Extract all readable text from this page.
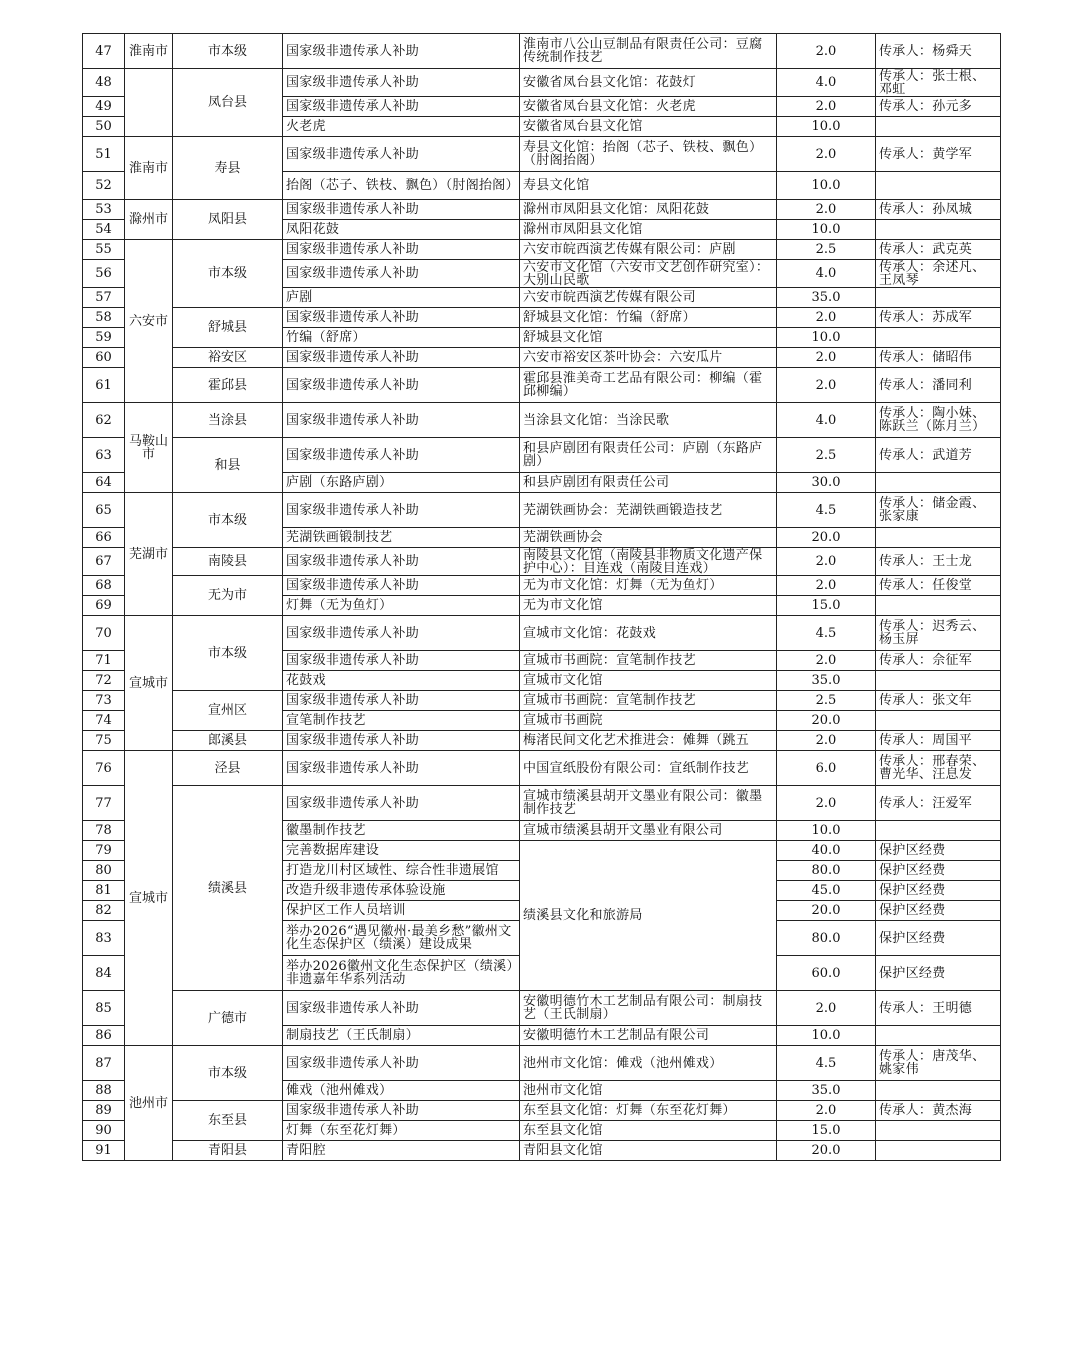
47	淮南市	市本级	国家级非遗传承人补助	淮南市八公山豆制品有限责任公司：豆腐传统制作技艺	2.0	传承人：杨舜天
48		凤台县	国家级非遗传承人补助	安徽省凤台县文化馆：花鼓灯	4.0	传承人：张士根、邓虹
49			国家级非遗传承人补助	安徽省凤台县文化馆：火老虎	2.0	传承人：孙元多
50			火老虎	安徽省凤台县文化馆	10.0	
51	淮南市	寿县	国家级非遗传承人补助	寿县文化馆：抬阁（芯子、铁枝、飘色）（肘阁抬阁）	2.0	传承人：黄学军
52			抬阁（芯子、铁枝、飘色）（肘阁抬阁）	寿县文化馆	10.0	
53	滁州市	凤阳县	国家级非遗传承人补助	滁州市凤阳县文化馆：凤阳花鼓	2.0	传承人：孙凤城
54			凤阳花鼓	滁州市凤阳县文化馆	10.0	
55	六安市	市本级	国家级非遗传承人补助	六安市皖西演艺传媒有限公司：庐剧	2.5	传承人：武克英
56			国家级非遗传承人补助	六安市文化馆（六安市文艺创作研究室）：大别山民歌	4.0	传承人：余述凡、王凤琴
57			庐剧	六安市皖西演艺传媒有限公司	35.0	
58		舒城县	国家级非遗传承人补助	舒城县文化馆：竹编（舒席）	2.0	传承人：苏成军
59			竹编（舒席）	舒城县文化馆	10.0	
60		裕安区	国家级非遗传承人补助	六安市裕安区茶叶协会：六安瓜片	2.0	传承人：储昭伟
61		霍邱县	国家级非遗传承人补助	霍邱县淮美奇工艺品有限公司：柳编（霍邱柳编）	2.0	传承人：潘同利
62	马鞍山市	当涂县	国家级非遗传承人补助	当涂县文化馆：当涂民歌	4.0	传承人：陶小妹、陈跃兰（陈月兰）
63		和县	国家级非遗传承人补助	和县庐剧团有限责任公司：庐剧（东路庐剧）	2.5	传承人：武道芳
64			庐剧（东路庐剧）	和县庐剧团有限责任公司	30.0	
65	芜湖市	市本级	国家级非遗传承人补助	芜湖铁画协会：芜湖铁画锻造技艺	4.5	传承人：储金霞、张家康
66			芜湖铁画锻制技艺	芜湖铁画协会	20.0	
67		南陵县	国家级非遗传承人补助	南陵县文化馆（南陵县非物质文化遗产保护中心）：目连戏（南陵目连戏）	2.0	传承人：王士龙
68		无为市	国家级非遗传承人补助	无为市文化馆：灯舞（无为鱼灯）	2.0	传承人：任俊堂
69			灯舞（无为鱼灯）	无为市文化馆	15.0	
70	宣城市	市本级	国家级非遗传承人补助	宣城市文化馆：花鼓戏	4.5	传承人：迟秀云、杨玉屏
71			国家级非遗传承人补助	宣城市书画院：宣笔制作技艺	2.0	传承人：佘征军
72			花鼓戏	宣城市文化馆	35.0	
73		宣州区	国家级非遗传承人补助	宣城市书画院：宣笔制作技艺	2.5	传承人：张文年
74			宣笔制作技艺	宣城市书画院	20.0	
75		郎溪县	国家级非遗传承人补助	梅渚民间文化艺术推进会：傩舞（跳五	2.0	传承人：周国平
76	宣城市	泾县	国家级非遗传承人补助	中国宣纸股份有限公司：宣纸制作技艺	6.0	传承人：邢春荣、曹光华、汪息发
77		绩溪县	国家级非遗传承人补助	宣城市绩溪县胡开文墨业有限公司：徽墨制作技艺	2.0	传承人：汪爱军
78			徽墨制作技艺	宣城市绩溪县胡开文墨业有限公司	10.0	
79			完善数据库建设	绩溪县文化和旅游局	40.0	保护区经费
80			打造龙川村区域性、综合性非遗展馆		80.0	保护区经费
81			改造升级非遗传承体验设施		45.0	保护区经费
82			保护区工作人员培训		20.0	保护区经费
83			举办2026“遇见徽州·最美乡愁”徽州文化生态保护区（绩溪）建设成果		80.0	保护区经费
84			举办2026徽州文化生态保护区（绩溪）非遗嘉年华系列活动		60.0	保护区经费
85		广德市	国家级非遗传承人补助	安徽明德竹木工艺制品有限公司：制扇技艺（王氏制扇）	2.0	传承人：王明德
86			制扇技艺（王氏制扇）	安徽明德竹木工艺制品有限公司	10.0	
87	池州市	市本级	国家级非遗传承人补助	池州市文化馆：傩戏（池州傩戏）	4.5	传承人：唐茂华、姚家伟
88			傩戏（池州傩戏）	池州市文化馆	35.0	
89		东至县	国家级非遗传承人补助	东至县文化馆：灯舞（东至花灯舞）	2.0	传承人：黄杰海
90			灯舞（东至花灯舞）	东至县文化馆	15.0	
91		青阳县	青阳腔	青阳县文化馆	20.0	
